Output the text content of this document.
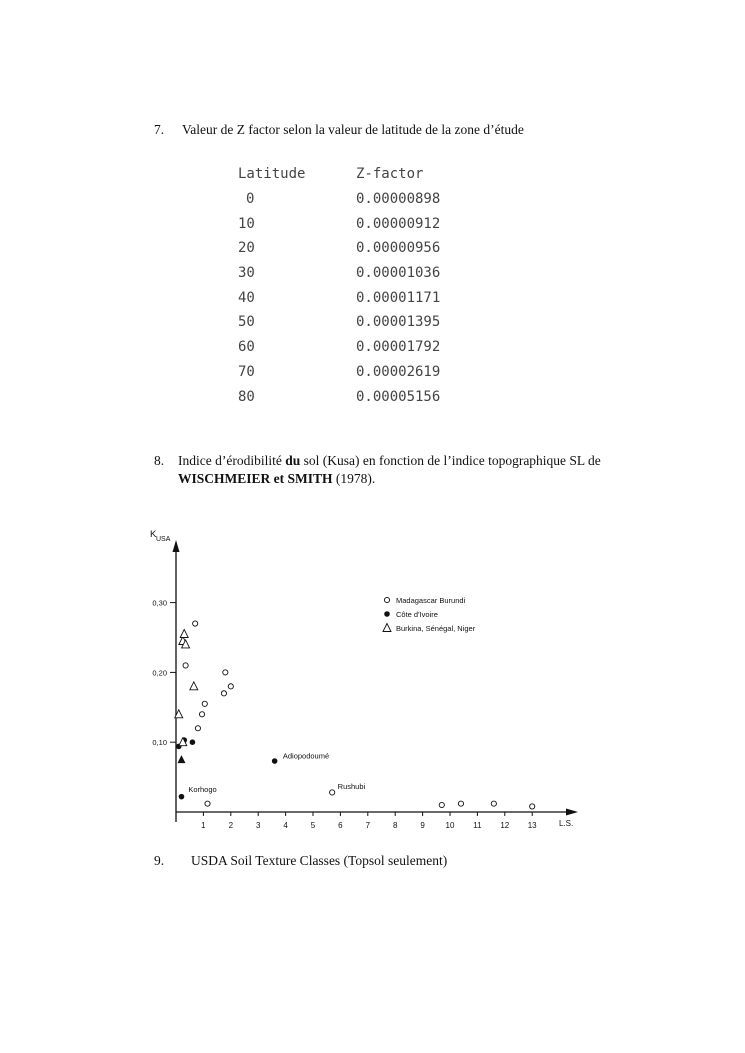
7. Valeur de Z factor selon la valeur de latitude de la zone d’étude
Latitude	Z-factor
0	0.00000898
10	0.00000912
20	0.00000956
30	0.00001036
40	0.00001171
50	0.00001395
60	0.00001792
70	0.00002619
80	0.00005156
8. Indice d’érodibilité du sol (Kusa) en fonction de l’indice topographique SL de
WISCHMEIER et SMITH (1978).
K USA
L.S.
1	2	3	4	5	6	7	8	9	10 11 12 13
0,10
0,20
0,30
Adiopodoumé
Rushubi
Korhogo
Madagascar Burundi
Côte d'Ivoire
Burkina, Sénégal, Niger
9. USDA Soil Texture Classes (Topsol seulement)
